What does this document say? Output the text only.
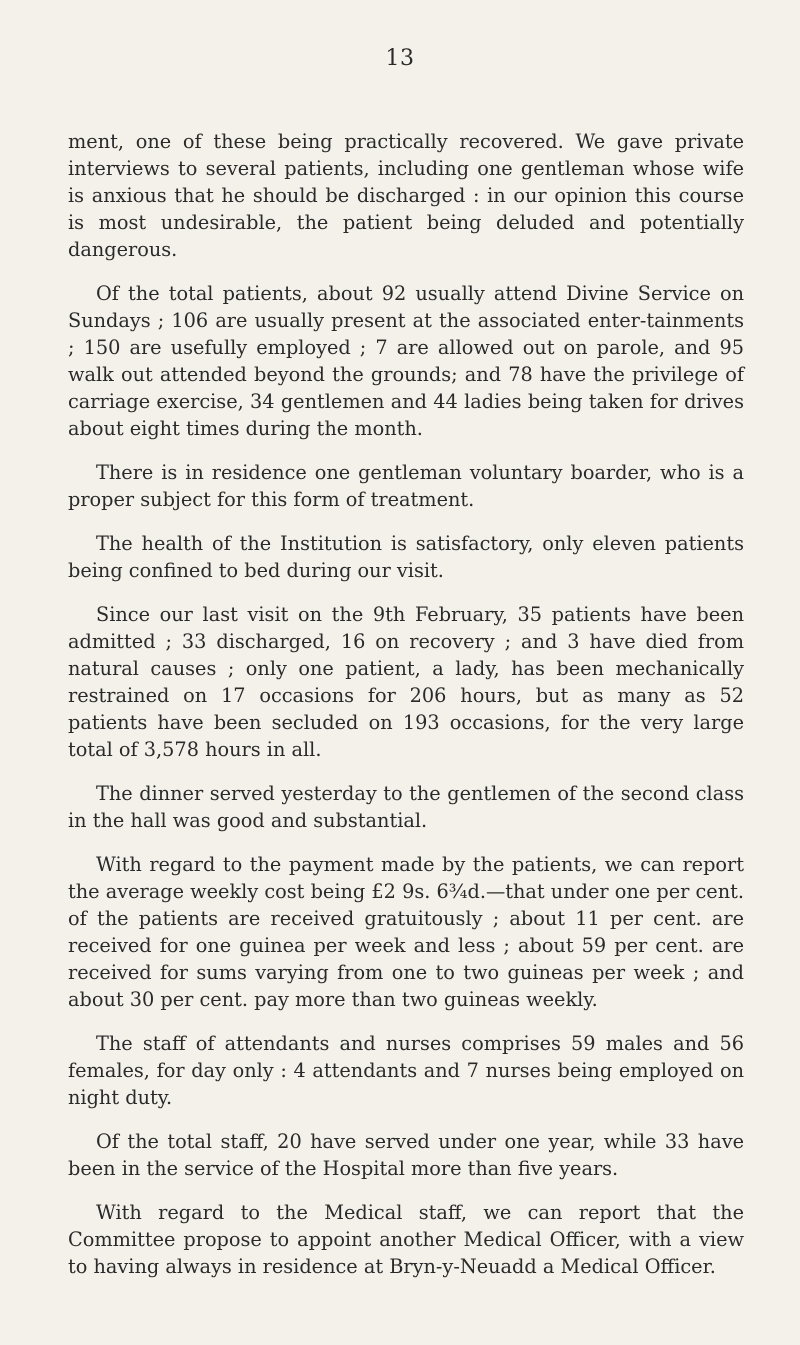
13

ment, one of these being practically recovered. We gave private interviews to several patients, including one gentleman whose wife is anxious that he should be discharged : in our opinion this course is most undesirable, the patient being deluded and potentially dangerous.

Of the total patients, about 92 usually attend Divine Service on Sundays ; 106 are usually present at the associated enter-tainments ; 150 are usefully employed ; 7 are allowed out on parole, and 95 walk out attended beyond the grounds; and 78 have the privilege of carriage exercise, 34 gentlemen and 44 ladies being taken for drives about eight times during the month.

There is in residence one gentleman voluntary boarder, who is a proper subject for this form of treatment.

The health of the Institution is satisfactory, only eleven patients being confined to bed during our visit.

Since our last visit on the 9th February, 35 patients have been admitted ; 33 discharged, 16 on recovery ; and 3 have died from natural causes ; only one patient, a lady, has been mechanically restrained on 17 occasions for 206 hours, but as many as 52 patients have been secluded on 193 occasions, for the very large total of 3,578 hours in all.

The dinner served yesterday to the gentlemen of the second class in the hall was good and substantial.

With regard to the payment made by the patients, we can report the average weekly cost being £2 9s. 6¾d.—that under one per cent. of the patients are received gratuitously ; about 11 per cent. are received for one guinea per week and less ; about 59 per cent. are received for sums varying from one to two guineas per week ; and about 30 per cent. pay more than two guineas weekly.

The staff of attendants and nurses comprises 59 males and 56 females, for day only : 4 attendants and 7 nurses being employed on night duty.

Of the total staff, 20 have served under one year, while 33 have been in the service of the Hospital more than five years.

With regard to the Medical staff, we can report that the Committee propose to appoint another Medical Officer, with a view to having always in residence at Bryn-y-Neuadd a Medical Officer.
